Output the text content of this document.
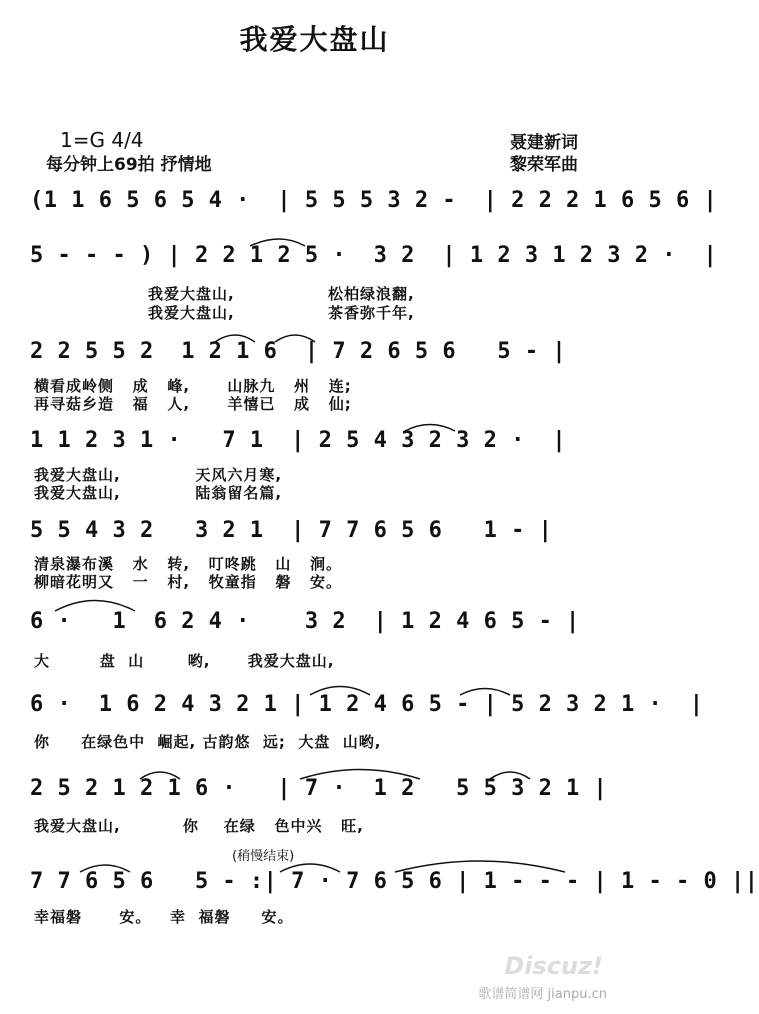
我爱大盘山
1=G 4/4
每分钟上69拍 抒情地
聂建新词
黎荣军曲
(1 1 6 5 6 5 4 ·  | 5 5 5 3 2 -  | 2 2 2 1 6 5 6 |
5 - - - ) | 2 2 1 2 5 ·  3 2  | 1 2 3 1 2 3 2 ·  |
我爱大盘山,               松柏绿浪翻,
我爱大盘山,               茶香弥千年,
2 2 5 5 2  1 2 1 6  | 7 2 6 5 6   5 - |
横看成岭侧   成   峰,      山脉九   州   连;
再寻菇乡造   福   人,      羊憘已   成   仙;
1 1 2 3 1 ·   7 1  | 2 5 4 3 2 3 2 ·  |
我爱大盘山,            天风六月寒,
我爱大盘山,            陆翁留名篇,
5 5 4 3 2   3 2 1  | 7 7 6 5 6   1 - |
清泉瀑布溪   水   转,   叮咚跳   山   涧。
柳暗花明又   一   村,   牧童指   磐   安。
6 ·   1  6 2 4 ·    3 2  | 1 2 4 6 5 - |
大        盘  山       哟,      我爱大盘山,
6 ·  1 6 2 4 3 2 1 | 1 2 4 6 5 - | 5 2 3 2 1 ·  |
你     在绿色中  崛起, 古韵悠  远;  大盘  山哟,
2 5 2 1 2 1 6 ·   | 7 ·  1 2   5 5 3 2 1 |
我爱大盘山,          你    在绿   色中兴   旺,
(稍慢结束)
7 7 6 5 6   5 - :| 7 · 7 6 5 6 | 1 - - - | 1 - - 0 ||
幸福磐      安。   幸  福磐     安。
Discuz!
歌谱简谱网 jianpu.cn
